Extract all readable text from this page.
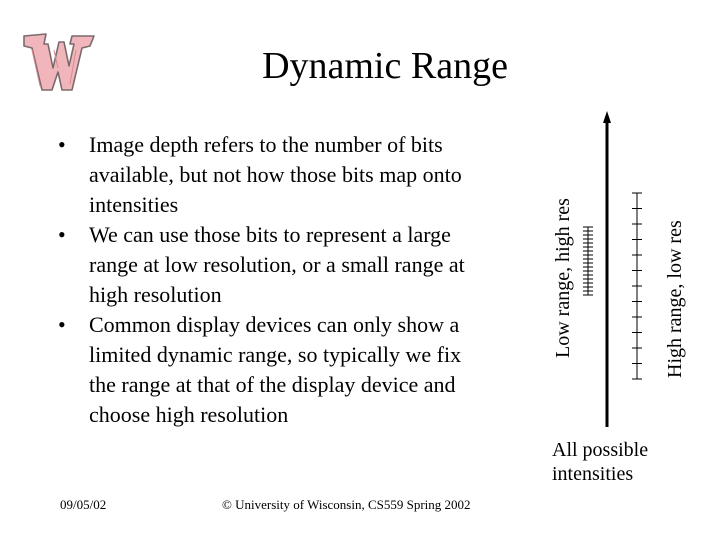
Dynamic Range
• Image depth refers to the number of bits
available, but not how those bits map onto
intensities
• We can use those bits to represent a large
range at low resolution, or a small range at
high resolution
• Common display devices can only show a
limited dynamic range, so typically we fix
the range at that of the display device and
choose high resolution
Low range, high res	High range, low res
All possible
intensities
09/05/02	© University of Wisconsin, CS559 Spring 2002
